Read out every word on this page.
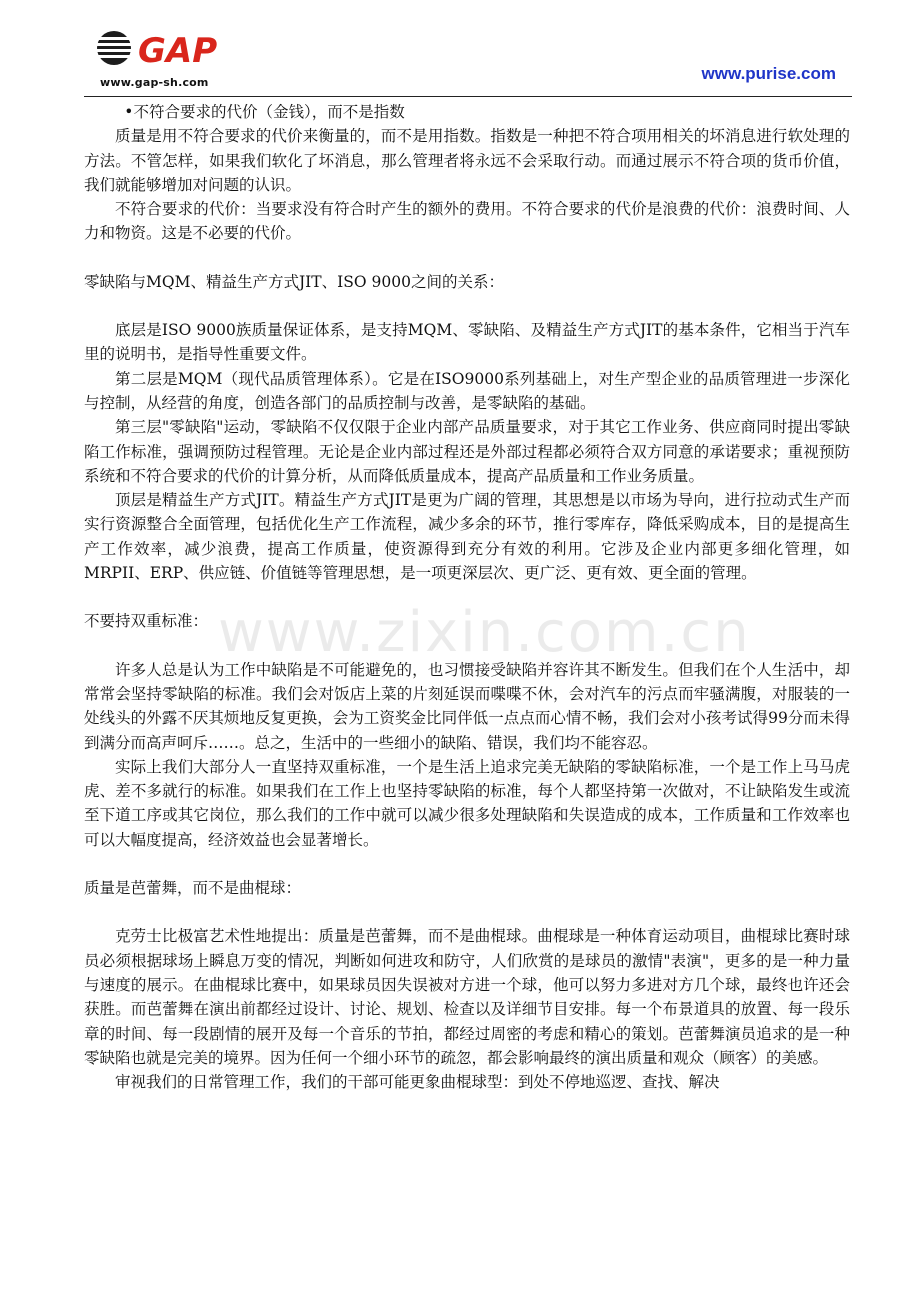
GAP
www.gap-sh.com	www.purise.com

•不符合要求的代价（金钱），而不是指数

质量是用不符合要求的代价来衡量的，而不是用指数。指数是一种把不符合项用相关的坏消息进行软处理的方法。不管怎样，如果我们软化了坏消息，那么管理者将永远不会采取行动。而通过展示不符合项的货币价值，我们就能够增加对问题的认识。

不符合要求的代价：当要求没有符合时产生的额外的费用。不符合要求的代价是浪费的代价：浪费时间、人力和物资。这是不必要的代价。

零缺陷与MQM、精益生产方式JIT、ISO 9000之间的关系：

底层是ISO 9000族质量保证体系，是支持MQM、零缺陷、及精益生产方式JIT的基本条件，它相当于汽车里的说明书，是指导性重要文件。

第二层是MQM（现代品质管理体系）。它是在ISO9000系列基础上，对生产型企业的品质管理进一步深化与控制，从经营的角度，创造各部门的品质控制与改善，是零缺陷的基础。

第三层"零缺陷"运动，零缺陷不仅仅限于企业内部产品质量要求，对于其它工作业务、供应商同时提出零缺陷工作标准，强调预防过程管理。无论是企业内部过程还是外部过程都必须符合双方同意的承诺要求；重视预防系统和不符合要求的代价的计算分析，从而降低质量成本，提高产品质量和工作业务质量。

顶层是精益生产方式JIT。精益生产方式JIT是更为广阔的管理，其思想是以市场为导向，进行拉动式生产而实行资源整合全面管理，包括优化生产工作流程，减少多余的环节，推行零库存，降低采购成本，目的是提高生产工作效率，减少浪费，提高工作质量，使资源得到充分有效的利用。它涉及企业内部更多细化管理，如MRPII、ERP、供应链、价值链等管理思想，是一项更深层次、更广泛、更有效、更全面的管理。

不要持双重标准：

许多人总是认为工作中缺陷是不可能避免的，也习惯接受缺陷并容许其不断发生。但我们在个人生活中，却常常会坚持零缺陷的标准。我们会对饭店上菜的片刻延误而喋喋不休，会对汽车的污点而牢骚满腹，对服装的一处线头的外露不厌其烦地反复更换，会为工资奖金比同伴低一点点而心情不畅，我们会对小孩考试得99分而未得到满分而高声呵斥……。总之，生活中的一些细小的缺陷、错误，我们均不能容忍。

实际上我们大部分人一直坚持双重标准，一个是生活上追求完美无缺陷的零缺陷标准，一个是工作上马马虎虎、差不多就行的标准。如果我们在工作上也坚持零缺陷的标准，每个人都坚持第一次做对，不让缺陷发生或流至下道工序或其它岗位，那么我们的工作中就可以减少很多处理缺陷和失误造成的成本，工作质量和工作效率也可以大幅度提高，经济效益也会显著增长。

质量是芭蕾舞，而不是曲棍球：

克劳士比极富艺术性地提出：质量是芭蕾舞，而不是曲棍球。曲棍球是一种体育运动项目，曲棍球比赛时球员必须根据球场上瞬息万变的情况，判断如何进攻和防守，人们欣赏的是球员的激情"表演"，更多的是一种力量与速度的展示。在曲棍球比赛中，如果球员因失误被对方进一个球，他可以努力多进对方几个球，最终也许还会获胜。而芭蕾舞在演出前都经过设计、讨论、规划、检查以及详细节目安排。每一个布景道具的放置、每一段乐章的时间、每一段剧情的展开及每一个音乐的节拍，都经过周密的考虑和精心的策划。芭蕾舞演员追求的是一种零缺陷也就是完美的境界。因为任何一个细小环节的疏忽，都会影响最终的演出质量和观众（顾客）的美感。

审视我们的日常管理工作，我们的干部可能更象曲棍球型：到处不停地巡逻、查找、解决

www.zixin.com.cn
